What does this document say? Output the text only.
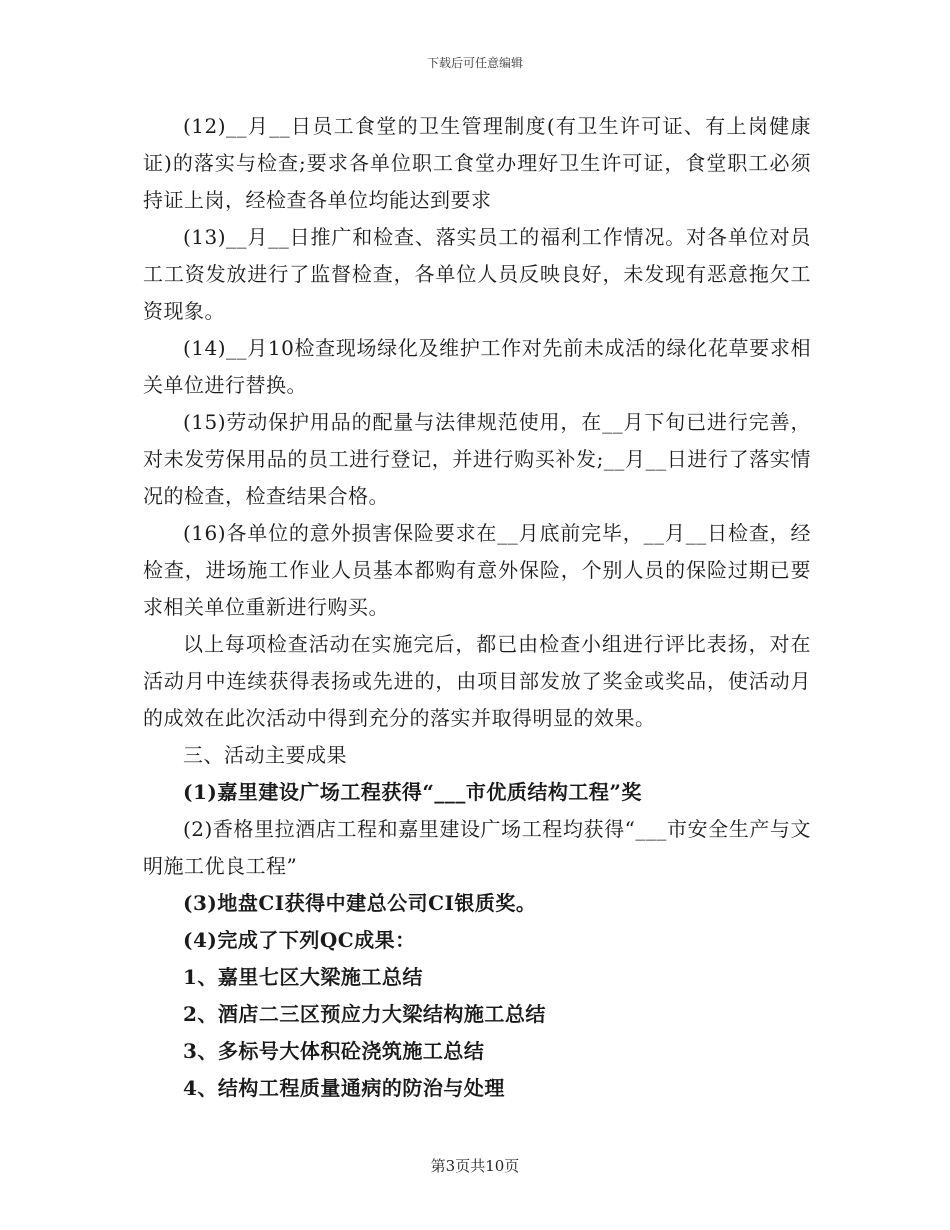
下载后可任意编辑

(12)__月__日员工食堂的卫生管理制度(有卫生许可证、有上岗健康证)的落实与检查;要求各单位职工食堂办理好卫生许可证，食堂职工必须持证上岗，经检查各单位均能达到要求

(13)__月__日推广和检查、落实员工的福利工作情况。对各单位对员工工资发放进行了监督检查，各单位人员反映良好，未发现有恶意拖欠工资现象。

(14)__月10检查现场绿化及维护工作对先前未成活的绿化花草要求相关单位进行替换。

(15)劳动保护用品的配量与法律规范使用，在__月下旬已进行完善，对未发劳保用品的员工进行登记，并进行购买补发;__月__日进行了落实情况的检查，检查结果合格。

(16)各单位的意外损害保险要求在__月底前完毕，__月__日检查，经检查，进场施工作业人员基本都购有意外保险，个别人员的保险过期已要求相关单位重新进行购买。

以上每项检查活动在实施完后，都已由检查小组进行评比表扬，对在活动月中连续获得表扬或先进的，由项目部发放了奖金或奖品，使活动月的成效在此次活动中得到充分的落实并取得明显的效果。

三、活动主要成果

(1)嘉里建设广场工程获得“___市优质结构工程”奖

(2)香格里拉酒店工程和嘉里建设广场工程均获得“___市安全生产与文明施工优良工程”

(3)地盘CI获得中建总公司CI银质奖。

(4)完成了下列QC成果：

1、嘉里七区大梁施工总结

2、酒店二三区预应力大梁结构施工总结

3、多标号大体积砼浇筑施工总结

4、结构工程质量通病的防治与处理

第3页共10页
